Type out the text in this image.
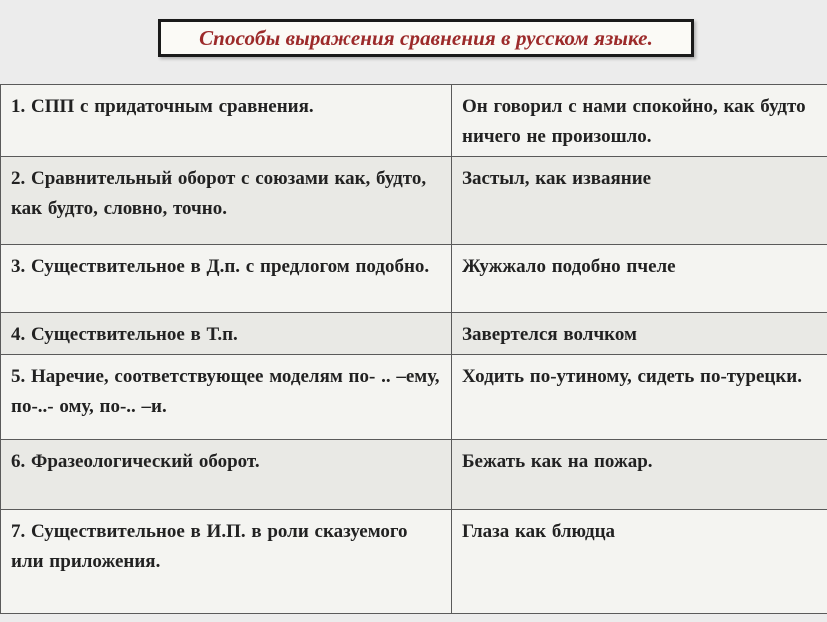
Способы выражения сравнения в русском языке.
1. СПП с придаточным сравнения.	Он говорил с нами спокойно, как будто ничего не произошло.
2. Сравнительный оборот с союзами как, будто, как будто, словно, точно.	Застыл, как изваяние
3. Существительное в Д.п. с предлогом подобно.	Жужжало подобно пчеле
4. Существительное в Т.п.	Завертелся волчком
5. Наречие, соответствующее моделям по- .. –ему, по-..- ому, по-.. –и.	Ходить по-утиному, сидеть по-турецки.
6. Фразеологический оборот.	Бежать как на пожар.
7. Существительное в И.П. в роли сказуемого или приложения.	Глаза как блюдца
